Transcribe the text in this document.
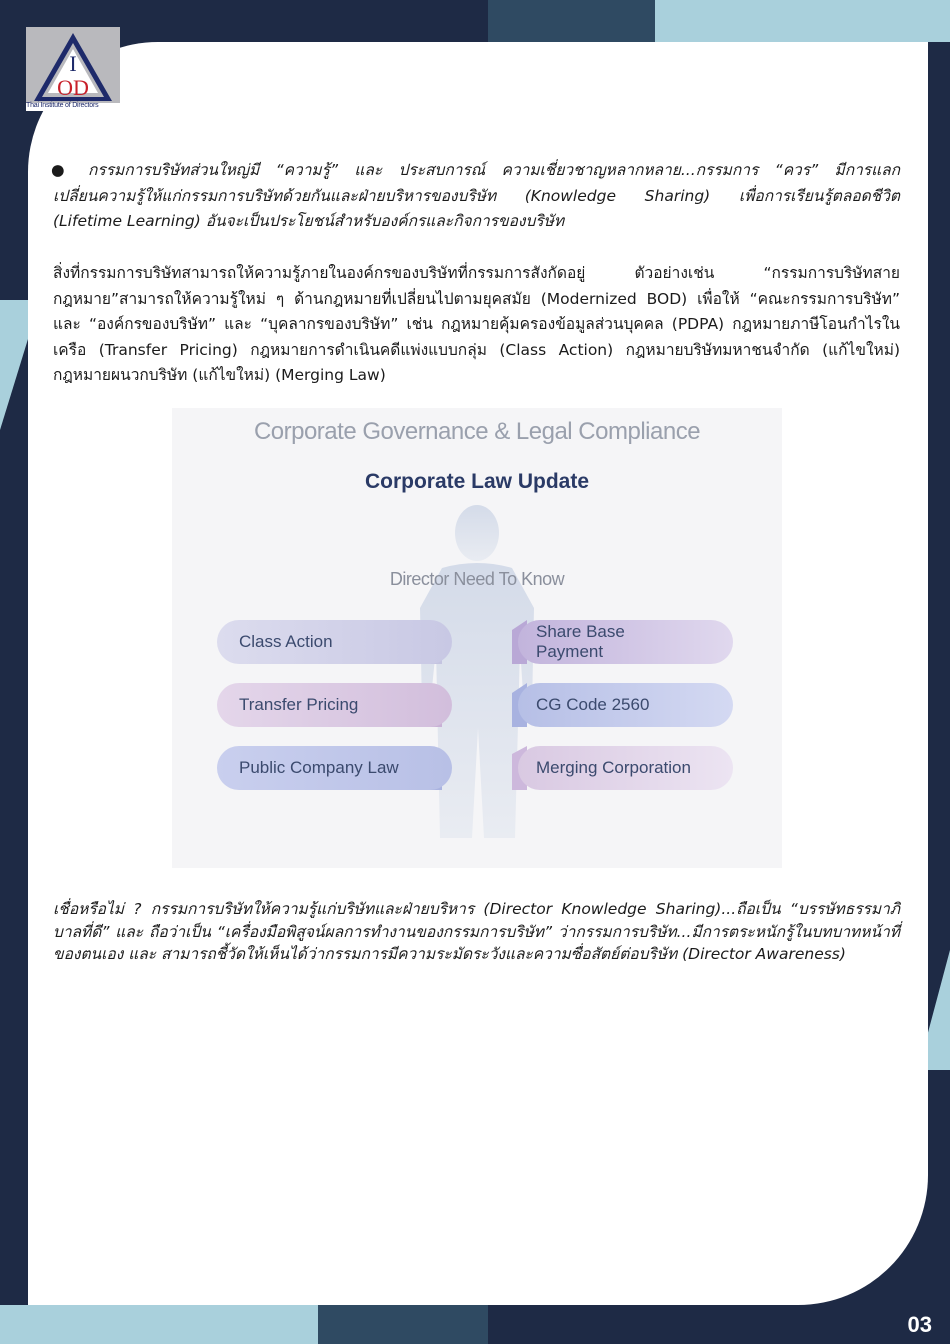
I
OD
Thai Institute of Directors
● กรรมการบริษัทส่วนใหญ่มี “ความรู้” และ ประสบการณ์ ความเชี่ยวชาญหลากหลาย...กรรมการ “ควร” มีการแลก
เปลี่ยนความรู้ให้แก่กรรมการบริษัทด้วยกันและฝ่ายบริหารของบริษัท (Knowledge Sharing) เพื่อการเรียนรู้ตลอดชีวิต

(Lifetime Learning) อันจะเป็นประโยชน์สำหรับองค์กรและกิจการของบริษัท
สิ่งที่กรรมการบริษัทสามารถให้ความรู้ภายในองค์กรของบริษัทที่กรรมการสังกัดอยู่ ตัวอย่างเช่น “กรรมการบริษัทสายกฎหมาย”สามารถให้ความรู้ใหม่ ๆ ด้านกฎหมายที่เปลี่ยนไปตามยุคสมัย (Modernized BOD) เพื่อให้ “คณะกรรมการบริษัท” และ “องค์กรของบริษัท” และ “บุคลากรของบริษัท” เช่น กฎหมายคุ้มครองข้อมูลส่วนบุคคล (PDPA) กฎหมายภาษีโอนกำไรในเครือ (Transfer Pricing) กฎหมายการดำเนินคดีแพ่งแบบกลุ่ม (Class Action) กฎหมายบริษัทมหาชนจำกัด (แก้ไขใหม่) กฎหมายผนวกบริษัท (แก้ไขใหม่) (Merging Law)
Corporate Governance & Legal Compliance
Corporate Law Update
Director Need To Know
Class Action
Transfer Pricing
Public Company Law
Share Base Payment
CG Code 2560
Merging Corporation
เชื่อหรือไม่ ? กรรมการบริษัทให้ความรู้แก่บริษัทและฝ่ายบริหาร (Director Knowledge Sharing)...ถือเป็น “บรรษัทธรรมาภิบาลที่ดี” และ ถือว่าเป็น “เครื่องมือพิสูจน์ผลการทำงานของกรรมการบริษัท” ว่ากรรมการบริษัท...มีการตระหนักรู้ในบทบาทหน้าที่ของตนเอง และ สามารถชี้วัดให้เห็นได้ว่ากรรมการมีความระมัดระวังและความซื่อสัตย์ต่อบริษัท (Director Awareness)
03
